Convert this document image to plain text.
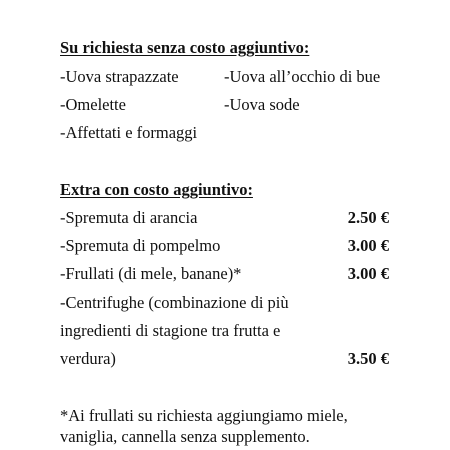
Su richiesta senza costo aggiuntivo:
-Uova strapazzate	-Uova all’occhio di bue
-Omelette	-Uova sode
-Affettati e formaggi
Extra con costo aggiuntivo:
-Spremuta di arancia	2.50 €
-Spremuta di pompelmo	3.00 €
-Frullati (di mele, banane)*	3.00 €
-Centrifughe (combinazione di più
ingredienti di stagione tra frutta e
verdura)	3.50 €
*Ai frullati su richiesta aggiungiamo miele, vaniglia, cannella senza supplemento.
